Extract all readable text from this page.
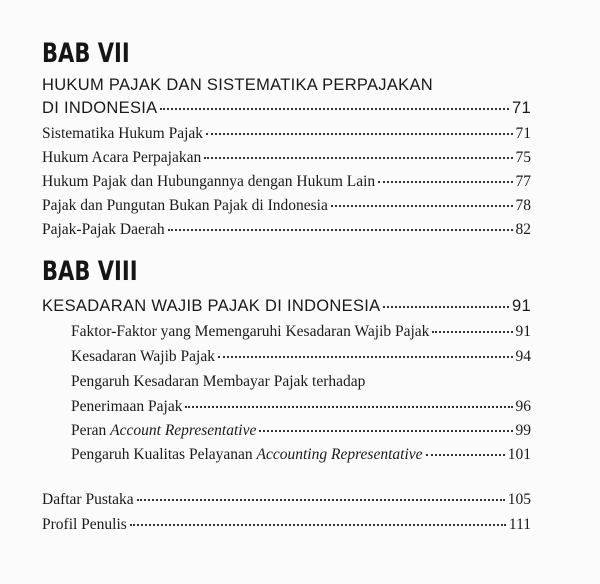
BAB VII
HUKUM PAJAK DAN SISTEMATIKA PERPAJAKAN
DI INDONESIA	71
Sistematika Hukum Pajak	71
Hukum Acara Perpajakan	75
Hukum Pajak dan Hubungannya dengan Hukum Lain	77
Pajak dan Pungutan Bukan Pajak di Indonesia	78
Pajak-Pajak Daerah	82
BAB VIII
KESADARAN WAJIB PAJAK DI INDONESIA	91
Faktor-Faktor yang Memengaruhi Kesadaran Wajib Pajak	91
Kesadaran Wajib Pajak	94
Pengaruh Kesadaran Membayar Pajak terhadap
Penerimaan Pajak	96
Peran Account Representative	99
Pengaruh Kualitas Pelayanan Accounting Representative	101
Daftar Pustaka	105
Profil Penulis	111
